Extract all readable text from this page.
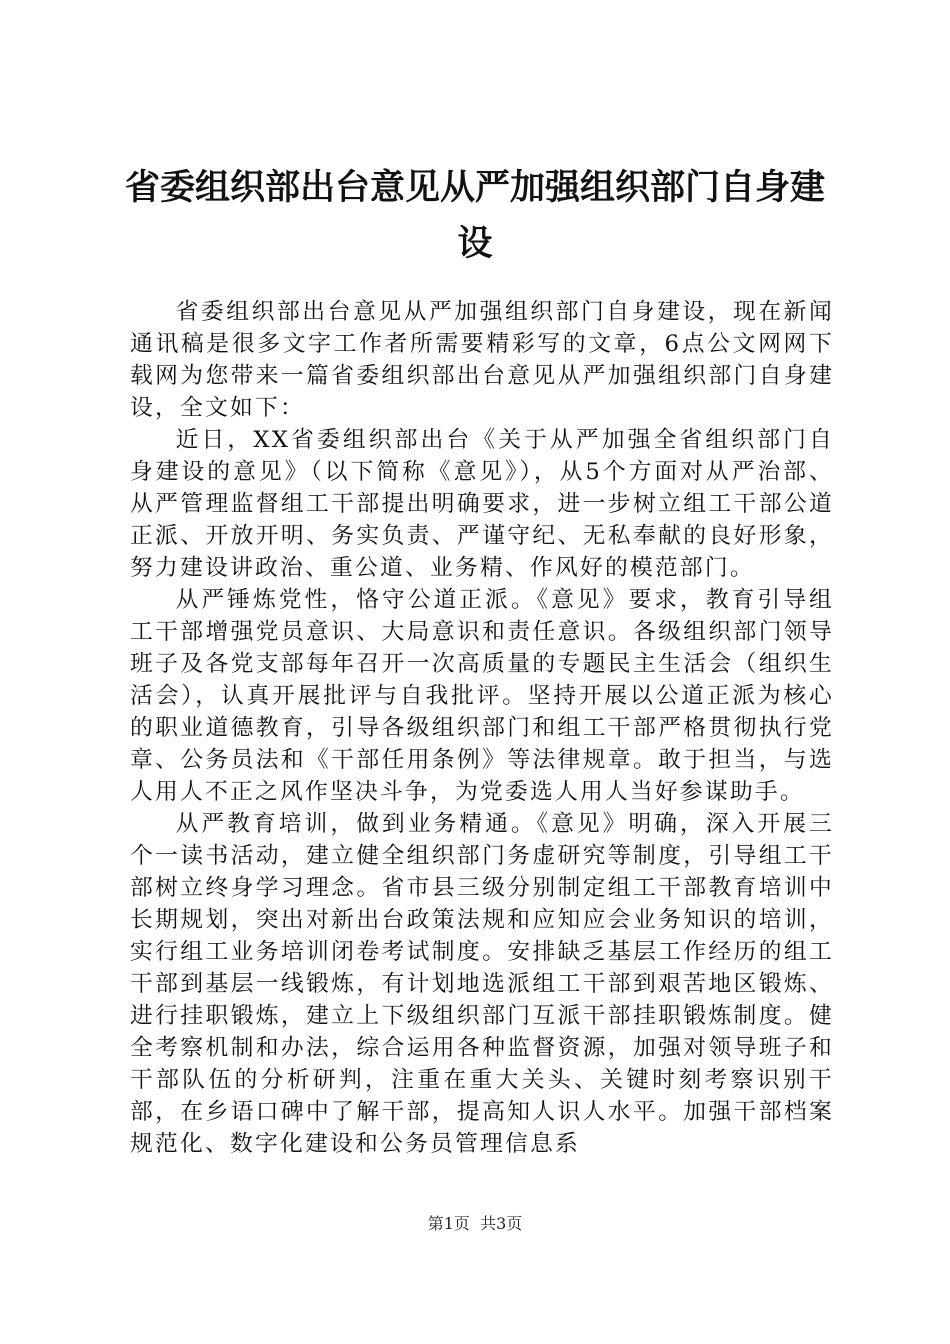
省委组织部出台意见从严加强组织部门自身建设

省委组织部出台意见从严加强组织部门自身建设，现在新闻通讯稿是很多文字工作者所需要精彩写的文章，6点公文网网下载网为您带来一篇省委组织部出台意见从严加强组织部门自身建设，全文如下：

近日，XX省委组织部出台《关于从严加强全省组织部门自身建设的意见》（以下简称《意见》），从5个方面对从严治部、从严管理监督组工干部提出明确要求，进一步树立组工干部公道正派、开放开明、务实负责、严谨守纪、无私奉献的良好形象，努力建设讲政治、重公道、业务精、作风好的模范部门。

从严锤炼党性，恪守公道正派。《意见》要求，教育引导组工干部增强党员意识、大局意识和责任意识。各级组织部门领导班子及各党支部每年召开一次高质量的专题民主生活会（组织生活会），认真开展批评与自我批评。坚持开展以公道正派为核心的职业道德教育，引导各级组织部门和组工干部严格贯彻执行党章、公务员法和《干部任用条例》等法律规章。敢于担当，与选人用人不正之风作坚决斗争，为党委选人用人当好参谋助手。

从严教育培训，做到业务精通。《意见》明确，深入开展三个一读书活动，建立健全组织部门务虚研究等制度，引导组工干部树立终身学习理念。省市县三级分别制定组工干部教育培训中长期规划，突出对新出台政策法规和应知应会业务知识的培训，实行组工业务培训闭卷考试制度。安排缺乏基层工作经历的组工干部到基层一线锻炼，有计划地选派组工干部到艰苦地区锻炼、进行挂职锻炼，建立上下级组织部门互派干部挂职锻炼制度。健全考察机制和办法，综合运用各种监督资源，加强对领导班子和干部队伍的分析研判，注重在重大关头、关键时刻考察识别干部，在乡语口碑中了解干部，提高知人识人水平。加强干部档案规范化、数字化建设和公务员管理信息系

第1页 共3页
